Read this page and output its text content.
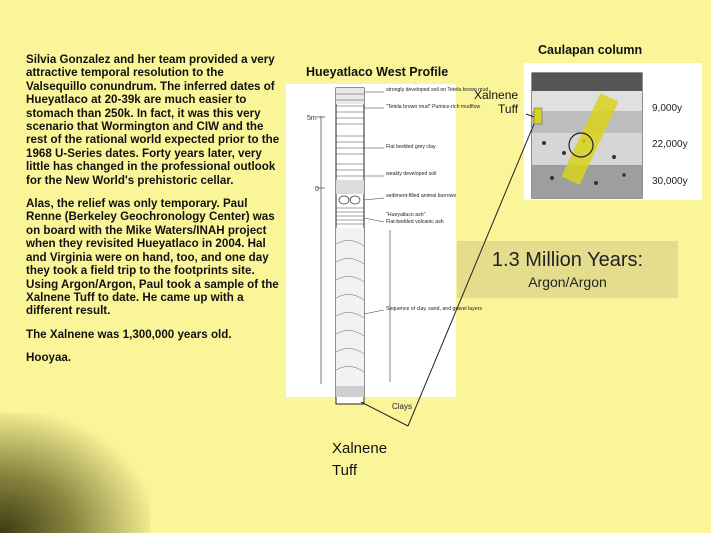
Silvia Gonzalez and her team provided a very attractive temporal resolution to the Valsequillo conundrum. The inferred dates of Hueyatlaco at 20-39k are much easier to stomach than 250k. In fact, it was this very scenario that Wormington and CIW and the rest of the rational world expected prior to the 1968 U-Series dates. Forty years later, very little has changed in the professional outlook for the New World's prehistoric cellar.

Alas, the relief was only temporary. Paul Renne (Berkeley Geochronology Center) was on board with the Mike Waters/INAH project when they revisited Hueyatlaco in 2004. Hal and Virginia were on hand, too, and one day they took a field trip to the footprints site. Using Argon/Argon, Paul took a sample of the Xalnene Tuff to date. He came up with a different result.

The Xalnene was 1,300,000 years old.

Hooyaa.

Hueyatlaco West Profile
Caulapan column
5m
0
strongly developed soil on Tetela brown mud
"Tetela brown mud" Pumice-rich mudflow
Flat bedded grey clay
weakly developed soil
sediment-filled animal burrows
"Hueyatlaco ash"
Flat-bedded volcanic ash
Sequence of clay, sand, and gravel layers
Clays
9,000y
22,000y
30,000y
Xalnene
Tuff
Xalnene
Tuff
1.3 Million Years:
Argon/Argon
